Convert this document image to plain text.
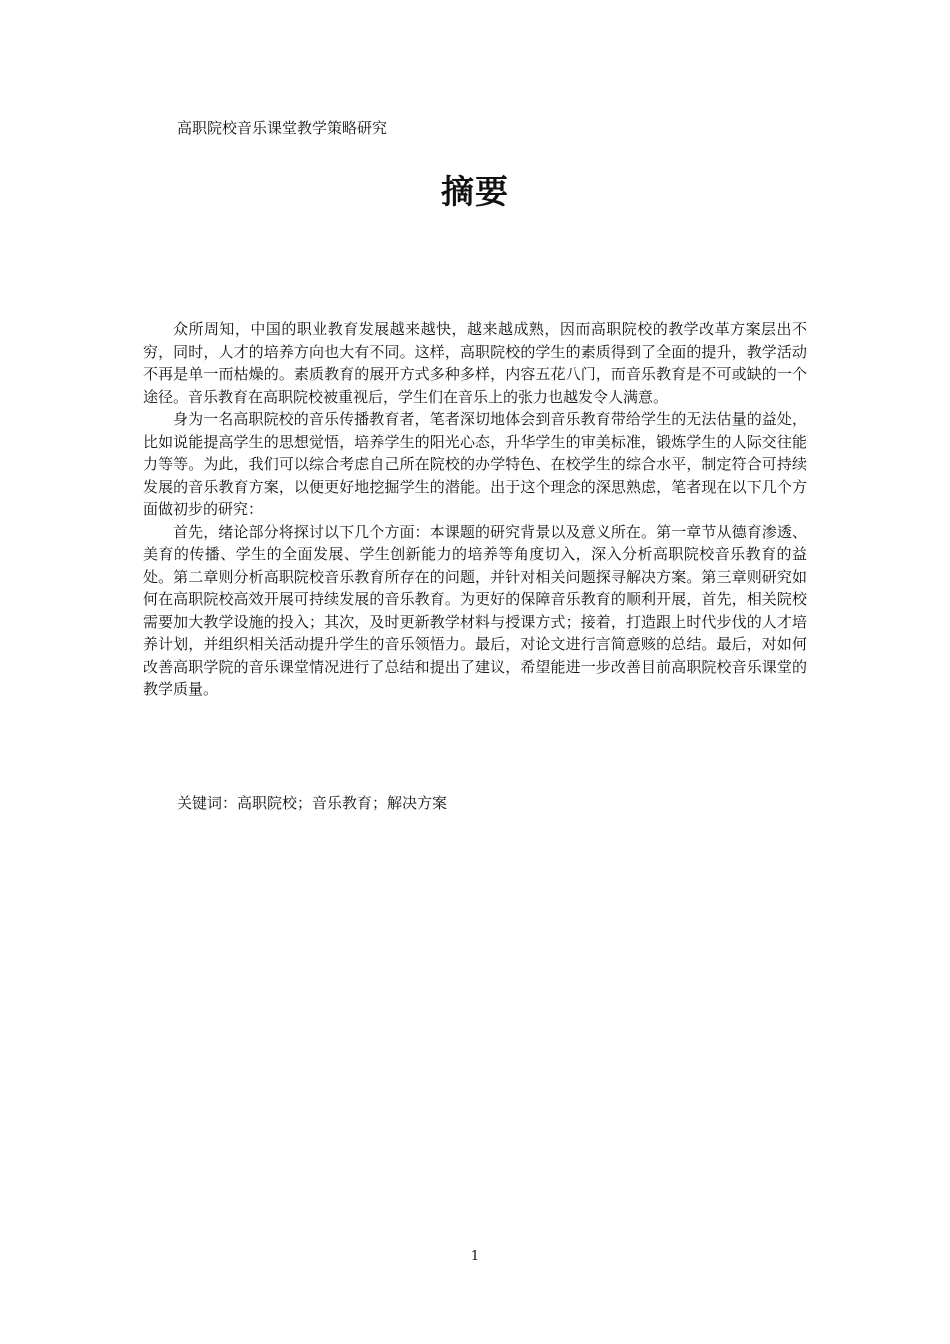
高职院校音乐课堂教学策略研究
摘要

众所周知，中国的职业教育发展越来越快，越来越成熟，因而高职院校的教学改革方案层出不穷，同时，人才的培养方向也大有不同。这样，高职院校的学生的素质得到了全面的提升，教学活动不再是单一而枯燥的。素质教育的展开方式多种多样，内容五花八门，而音乐教育是不可或缺的一个途径。音乐教育在高职院校被重视后，学生们在音乐上的张力也越发令人满意。

身为一名高职院校的音乐传播教育者，笔者深切地体会到音乐教育带给学生的无法估量的益处，比如说能提高学生的思想觉悟，培养学生的阳光心态，升华学生的审美标准，锻炼学生的人际交往能力等等。为此，我们可以综合考虑自己所在院校的办学特色、在校学生的综合水平，制定符合可持续发展的音乐教育方案，以便更好地挖掘学生的潜能。出于这个理念的深思熟虑，笔者现在以下几个方面做初步的研究：

首先，绪论部分将探讨以下几个方面：本课题的研究背景以及意义所在。第一章节从德育渗透、美育的传播、学生的全面发展、学生创新能力的培养等角度切入，深入分析高职院校音乐教育的益处。第二章则分析高职院校音乐教育所存在的问题，并针对相关问题探寻解决方案。第三章则研究如何在高职院校高效开展可持续发展的音乐教育。为更好的保障音乐教育的顺利开展，首先，相关院校需要加大教学设施的投入；其次，及时更新教学材料与授课方式；接着，打造跟上时代步伐的人才培养计划，并组织相关活动提升学生的音乐领悟力。最后，对论文进行言简意赅的总结。最后，对如何改善高职学院的音乐课堂情况进行了总结和提出了建议，希望能进一步改善目前高职院校音乐课堂的教学质量。

关键词：高职院校；音乐教育；解决方案
1
